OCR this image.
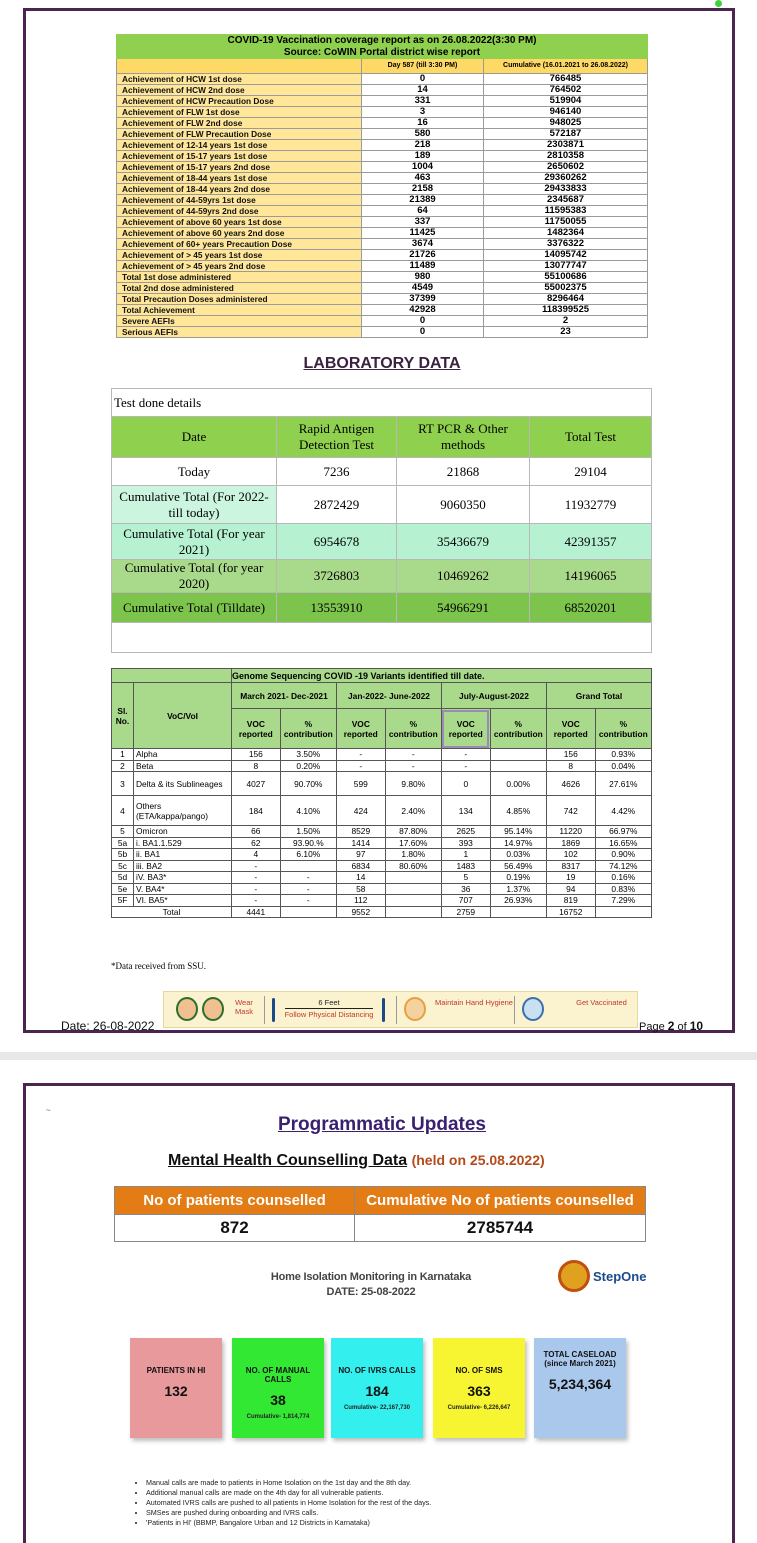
COVID-19 Vaccination coverage report as on 26.08.2022(3:30 PM)		
Source: CoWIN Portal district wise report		
	Day 587 (till 3:30 PM)	Cumulative (16.01.2021 to 26.08.2022)
Achievement of HCW 1st dose	0	766485
Achievement of HCW 2nd dose	14	764502
Achievement of HCW Precaution Dose	331	519904
Achievement of FLW 1st dose	3	946140
Achievement of FLW 2nd dose	16	948025
Achievement of FLW Precaution Dose	580	572187
Achievement of 12-14 years 1st dose	218	2303871
Achievement of 15-17 years 1st dose	189	2810358
Achievement of 15-17 years 2nd dose	1004	2650602
Achievement of 18-44 years 1st dose	463	29360262
Achievement of 18-44 years 2nd dose	2158	29433833
Achievement of 44-59yrs 1st dose	21389	2345687
Achievement of 44-59yrs 2nd dose	64	11595383
Achievement of above 60 years 1st dose	337	11750055
Achievement of above 60 years 2nd dose	11425	1482364
Achievement of 60+ years Precaution Dose	3674	3376322
Achievement of > 45 years 1st dose	21726	14095742
Achievement of > 45 years 2nd dose	11489	13077747
Total 1st dose administered	980	55100686
Total 2nd dose administered	4549	55002375
Total Precaution Doses administered	37399	8296464
Total Achievement	42928	118399525
Severe AEFIs	0	2
Serious AEFIs	0	23
LABORATORY DATA
Test done details			
Date	Rapid Antigen Detection Test	RT PCR & Other methods	Total Test
Today	7236	21868	29104
Cumulative Total (For 2022- till today)	2872429	9060350	11932779
Cumulative Total (For year 2021)	6954678	35436679	42391357
Cumulative Total (for year 2020)	3726803	10469262	14196065
Cumulative Total (Tilldate)	13553910	54966291	68520201

		Genome Sequencing COVID -19 Variants identified till date.							
Sl. No.	VoC/VoI	March 2021- Dec-2021		Jan-2022- June-2022		July-August-2022		Grand Total	
		VOC reported	% contribution	VOC reported	% contribution	VOC reported	% contribution	VOC reported	% contribution
1	Alpha	156	3.50%	-	-	-		156	0.93%
2	Beta	8	0.20%	-	-	-		8	0.04%
3	Delta & its Sublineages	4027	90.70%	599	9.80%	0	0.00%	4626	27.61%
4	Others (ETA/kappa/pango)	184	4.10%	424	2.40%	134	4.85%	742	4.42%
5	Omicron	66	1.50%	8529	87.80%	2625	95.14%	11220	66.97%
5a	i. BA1.1.529	62	93.90.%	1414	17.60%	393	14.97%	1869	16.65%
5b	ii. BA1	4	6.10%	97	1.80%	1	0.03%	102	0.90%
5c	iii. BA2	-		6834	80.60%	1483	56.49%	8317	74.12%
5d	iV. BA3*	-	-	14		5	0.19%	19	0.16%
5e	V. BA4*	-	-	58		36	1.37%	94	0.83%
5F	VI. BA5*	-	-	112		707	26.93%	819	7.29%
Total		4441		9552		2759		16752	
*Data received from SSU.
Wear Mask
6 Feet
Follow Physical Distancing
Maintain Hand Hygiene	Get Vaccinated
Date: 26-08-2022	Page 2 of 10
~
Programmatic Updates
Mental Health Counselling Data (held on 25.08.2022)
No of patients counselled	Cumulative No of patients counselled
872	2785744
Home Isolation Monitoring in Karnataka
DATE: 25-08-2022
StepOne
PATIENTS IN HI
132
NO. OF MANUAL CALLS
38
Cumulative- 1,814,774
NO. OF IVRS CALLS
184
Cumulative- 22,167,730
NO. OF SMS
363
Cumulative- 6,226,647
TOTAL CASELOAD (since March 2021)
5,234,364
• Manual calls are made to patients in Home Isolation on the 1st day and the 8th day.
• Additional manual calls are made on the 4th day for all vulnerable patients.
• Automated IVRS calls are pushed to all patients in Home Isolation for the rest of the days.
• SMSes are pushed during onboarding and IVRS calls.
• 'Patients in HI' (BBMP, Bangalore Urban and 12 Districts in Karnataka)
